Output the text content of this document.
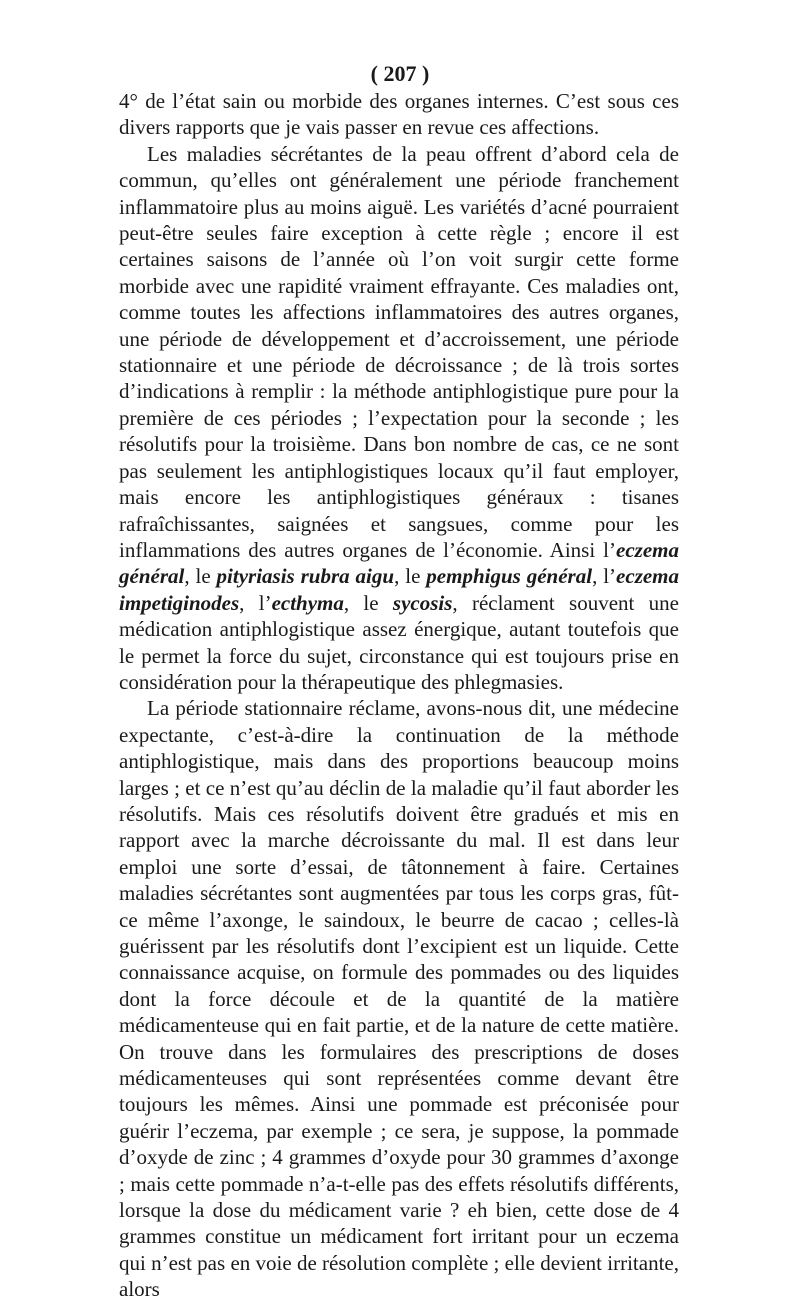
( 207 )

4° de l’état sain ou morbide des organes internes. C’est sous ces divers rapports que je vais passer en revue ces affections.

Les maladies sécrétantes de la peau offrent d’abord cela de commun, qu’elles ont généralement une période franchement inflammatoire plus au moins aiguë. Les variétés d’acné pourraient peut-être seules faire exception à cette règle ; encore il est certaines saisons de l’année où l’on voit surgir cette forme morbide avec une rapidité vraiment effrayante. Ces maladies ont, comme toutes les affections inflammatoires des autres organes, une période de développement et d’accroissement, une période stationnaire et une période de décroissance ; de là trois sortes d’indications à remplir : la méthode antiphlogistique pure pour la première de ces périodes ; l’expectation pour la seconde ; les résolutifs pour la troisième. Dans bon nombre de cas, ce ne sont pas seulement les antiphlogistiques locaux qu’il faut employer, mais encore les antiphlogistiques généraux : tisanes rafraîchissantes, saignées et sangsues, comme pour les inflammations des autres organes de l’économie. Ainsi l’eczema général, le pityriasis rubra aigu, le pemphigus général, l’eczema impetiginodes, l’ecthyma, le sycosis, réclament souvent une médication antiphlogistique assez énergique, autant toutefois que le permet la force du sujet, circonstance qui est toujours prise en considération pour la thérapeutique des phlegmasies.

La période stationnaire réclame, avons-nous dit, une médecine expectante, c’est-à-dire la continuation de la méthode antiphlogistique, mais dans des proportions beaucoup moins larges ; et ce n’est qu’au déclin de la maladie qu’il faut aborder les résolutifs. Mais ces résolutifs doivent être gradués et mis en rapport avec la marche décroissante du mal. Il est dans leur emploi une sorte d’essai, de tâtonnement à faire. Certaines maladies sécrétantes sont augmentées par tous les corps gras, fût-ce même l’axonge, le saindoux, le beurre de cacao ; celles-là guérissent par les résolutifs dont l’excipient est un liquide. Cette connaissance acquise, on formule des pommades ou des liquides dont la force découle et de la quantité de la matière médicamenteuse qui en fait partie, et de la nature de cette matière. On trouve dans les formulaires des prescriptions de doses médicamenteuses qui sont représentées comme devant être toujours les mêmes. Ainsi une pommade est préconisée pour guérir l’eczema, par exemple ; ce sera, je suppose, la pommade d’oxyde de zinc ; 4 grammes d’oxyde pour 30 grammes d’axonge ; mais cette pommade n’a-t-elle pas des effets résolutifs différents, lorsque la dose du médicament varie ? eh bien, cette dose de 4 grammes constitue un médicament fort irritant pour un eczema qui n’est pas en voie de résolution complète ; elle devient irritante, alors
